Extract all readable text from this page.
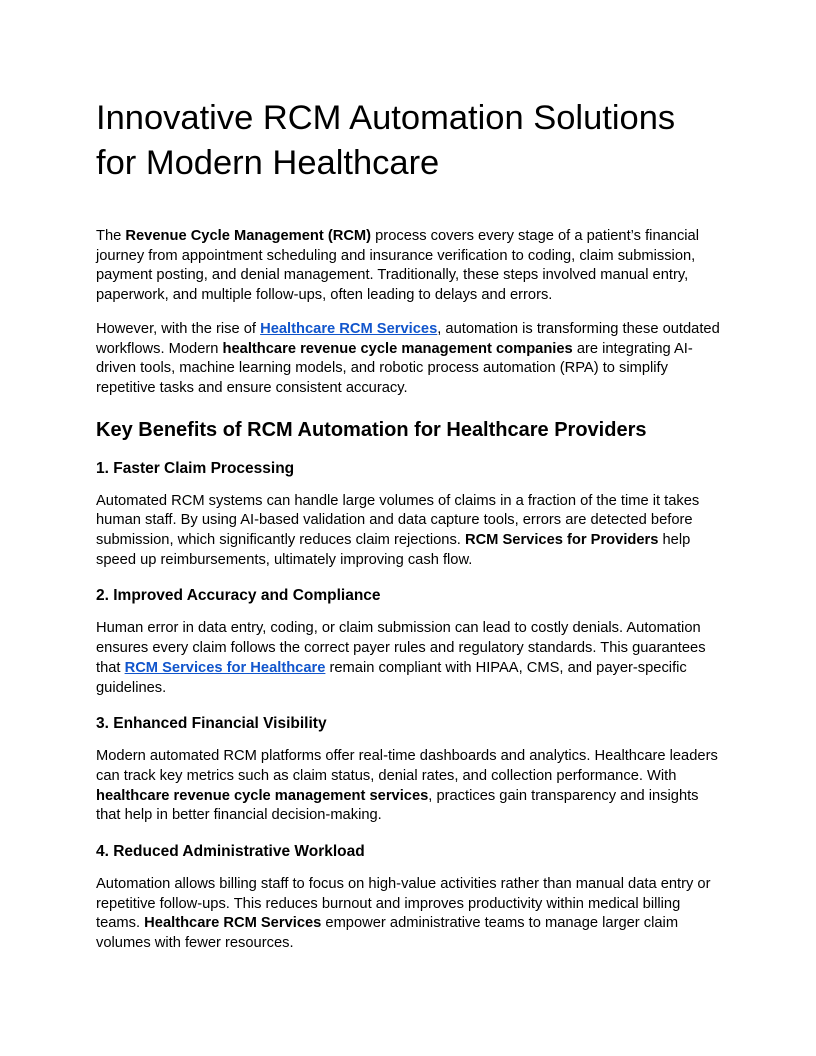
Innovative RCM Automation Solutions for Modern Healthcare

The Revenue Cycle Management (RCM) process covers every stage of a patient’s financial journey from appointment scheduling and insurance verification to coding, claim submission, payment posting, and denial management. Traditionally, these steps involved manual entry, paperwork, and multiple follow-ups, often leading to delays and errors.

However, with the rise of Healthcare RCM Services, automation is transforming these outdated workflows. Modern healthcare revenue cycle management companies are integrating AI-driven tools, machine learning models, and robotic process automation (RPA) to simplify repetitive tasks and ensure consistent accuracy.

Key Benefits of RCM Automation for Healthcare Providers
1. Faster Claim Processing

Automated RCM systems can handle large volumes of claims in a fraction of the time it takes human staff. By using AI-based validation and data capture tools, errors are detected before submission, which significantly reduces claim rejections. RCM Services for Providers help speed up reimbursements, ultimately improving cash flow.

2. Improved Accuracy and Compliance

Human error in data entry, coding, or claim submission can lead to costly denials. Automation ensures every claim follows the correct payer rules and regulatory standards. This guarantees that RCM Services for Healthcare remain compliant with HIPAA, CMS, and payer-specific guidelines.

3. Enhanced Financial Visibility

Modern automated RCM platforms offer real-time dashboards and analytics. Healthcare leaders can track key metrics such as claim status, denial rates, and collection performance. With healthcare revenue cycle management services, practices gain transparency and insights that help in better financial decision-making.

4. Reduced Administrative Workload

Automation allows billing staff to focus on high-value activities rather than manual data entry or repetitive follow-ups. This reduces burnout and improves productivity within medical billing teams. Healthcare RCM Services empower administrative teams to manage larger claim volumes with fewer resources.
